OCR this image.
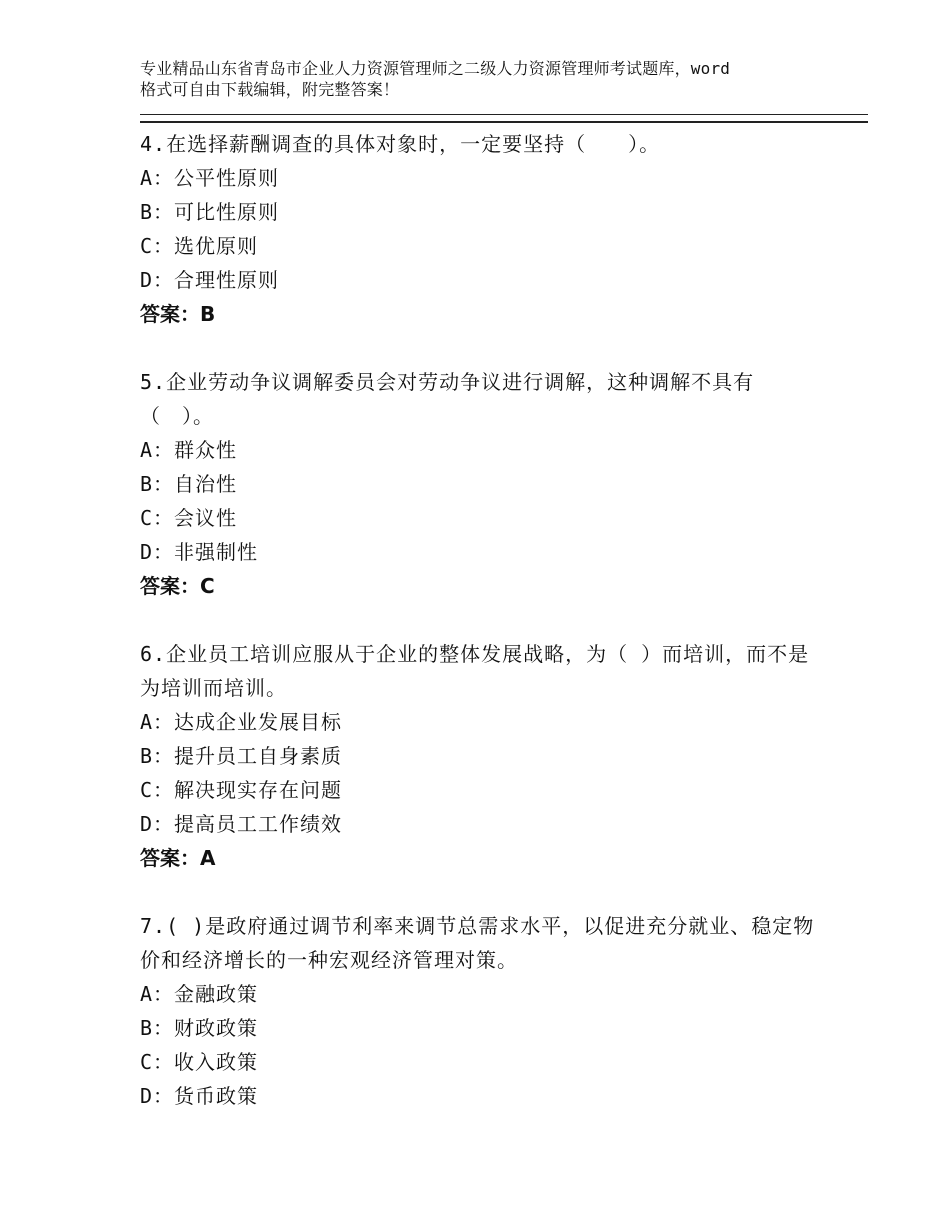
专业精品山东省青岛市企业人力资源管理师之二级人力资源管理师考试题库，word
格式可自由下载编辑，附完整答案！
4.在选择薪酬调查的具体对象时，一定要坚持（　　）。
A：公平性原则
B：可比性原则
C：选优原则
D：合理性原则
答案：B
5.企业劳动争议调解委员会对劳动争议进行调解，这种调解不具有（　）。
A：群众性
B：自治性
C：会议性
D：非强制性
答案：C
6.企业员工培训应服从于企业的整体发展战略，为（ ）而培训，而不是为培训而培训。
A：达成企业发展目标
B：提升员工自身素质
C：解决现实存在问题
D：提高员工工作绩效
答案：A
7.( )是政府通过调节利率来调节总需求水平，以促进充分就业、稳定物价和经济增长的一种宏观经济管理对策。
A：金融政策
B：财政政策
C：收入政策
D：货币政策
